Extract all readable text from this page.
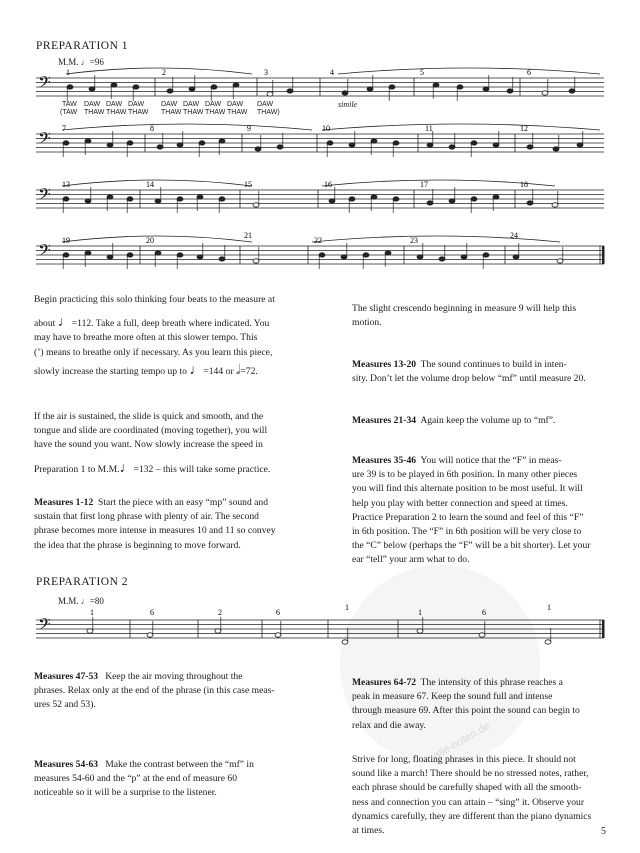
alle-noten.de
PREPARATION 1
M.M. ♩=96
𝄢
𝄢
𝄢
𝄢
1	2	3	4	5	6
7	8	9	10	11	12
13	14	15	16	17	18
19	20
21
22	23
24
TAW	DAW DAW DAW	DAW DAW DAW DAW	DAW
(TAW THAW THAW THAW	THAW THAW THAW THAW	THAW)
simile
Begin practicing this solo thinking four beats to the measure at
about ♩=112. Take a full, deep breath where indicated. You
may have to breathe more often at this slower tempo. This
(’) means to breathe only if necessary. As you learn this piece,
slowly increase the starting tempo up to ♩=144 or 𝅗𝅥=72.
If the air is sustained, the slide is quick and smooth, and the
tongue and slide are coordinated (moving together), you will
have the sound you want. Now slowly increase the speed in
Preparation 1 to M.M.♩=132 – this will take some practice.
Measures 1-12 Start the piece with an easy “mp” sound and
sustain that first long phrase with plenty of air. The second
phrase becomes more intense in measures 10 and 11 so convey
the idea that the phrase is beginning to move forward.
The slight crescendo beginning in measure 9 will help this
motion.
Measures 13-20 The sound continues to build in inten-
sity. Don’t let the volume drop below “mf” until measure 20.
Measures 21-34 Again keep the volume up to “mf”.
Measures 35-46 You will notice that the “F” in meas-
ure 39 is to be played in 6th position. In many other pieces
you will find this alternate position to be most useful. It will
help you play with better connection and speed at times.
Practice Preparation 2 to learn the sound and feel of this “F”
in 6th position. The “F” in 6th position will be very close to
the “C” below (perhaps the “F” will be a bit shorter). Let your
ear “tell” your arm what to do.
PREPARATION 2
M.M. ♩=80
𝄢
1	6	2	6
1
1	6
1
Measures 47-53 Keep the air moving throughout the
phrases. Relax only at the end of the phrase (in this case meas-
ures 52 and 53).
Measures 54-63 Make the contrast between the “mf” in
measures 54-60 and the “p” at the end of measure 60
noticeable so it will be a surprise to the listener.
Measures 64-72 The intensity of this phrase reaches a
peak in measure 67. Keep the sound full and intense
through measure 69. After this point the sound can begin to
relax and die away.
Strive for long, floating phrases in this piece. It should not
sound like a march! There should be no stressed notes, rather,
each phrase should be carefully shaped with all the smooth-
ness and connection you can attain – “sing” it. Observe your
dynamics carefully, they are different than the piano dynamics
at times.	5
